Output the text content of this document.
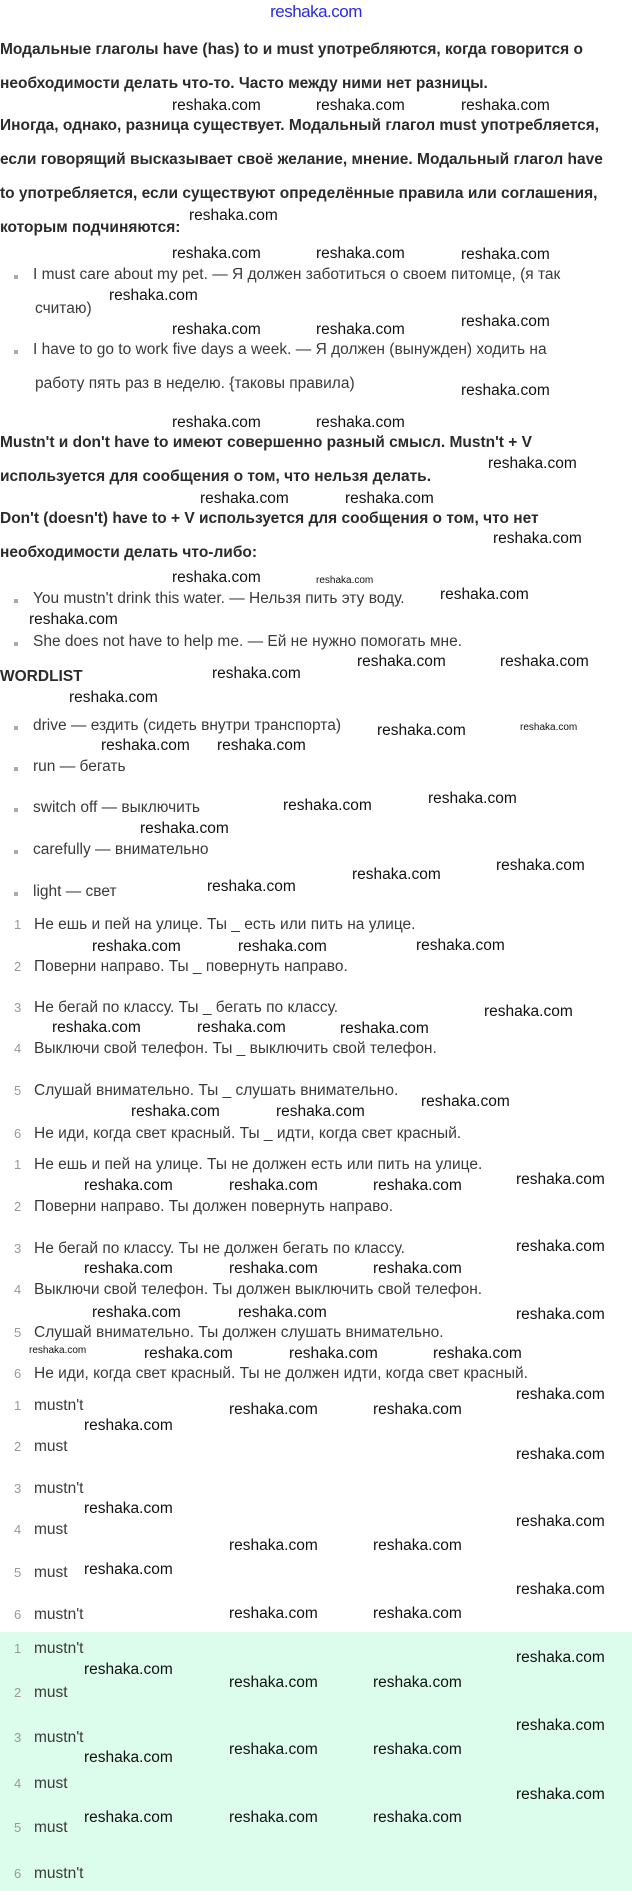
reshaka.com
Модальные глаголы have (has) to и must употребляются, когда говорится о
необходимости делать что-то. Часто между ними нет разницы.
Иногда, однако, разница существует. Модальный глагол must употребляется,
если говорящий высказывает своё желание, мнение. Модальный глагол have
to употребляется, если существуют определённые правила или соглашения,
которым подчиняются:
Mustn't и don't have to имеют совершенно разный смысл. Mustn't + V
используется для сообщения о том, что нельзя делать.
Don't (doesn't) have to + V используется для сообщения о том, что нет
необходимости делать что-либо:
I must care about my pet. — Я должен заботиться о своем питомце, (я так
считаю)
I have to go to work five days a week. — Я должен (вынужден) ходить на
работу пять раз в неделю. {таковы правила)
You mustn't drink this water. — Нельзя пить эту воду.
She does not have to help me. — Ей не нужно помогать мне.
WORDLIST
drive — ездить (сидеть внутри транспорта)
run — бегать
switch off — выключить
carefully — внимательно
light — свет
1 Не ешь и пей на улице. Ты _ есть или пить на улице.
2 Поверни направо. Ты _ повернуть направо.
3 Не бегай по классу. Ты _ бегать по классу.
4 Выключи свой телефон. Ты _ выключить свой телефон.
5 Слушай внимательно. Ты _ слушать внимательно.
6 Не иди, когда свет красный. Ты _ идти, когда свет красный.
1 Не ешь и пей на улице. Ты не должен есть или пить на улице.
2 Поверни направо. Ты должен повернуть направо.
3 Не бегай по классу. Ты не должен бегать по классу.
4 Выключи свой телефон. Ты должен выключить свой телефон.
5 Слушай внимательно. Ты должен слушать внимательно.
6 Не иди, когда свет красный. Ты не должен идти, когда свет красный.
1 mustn't
2 must
3 mustn't
4 must
5 must
6 mustn't
1 mustn't
2 must
3 mustn't
4 must
5 must
6 mustn't
reshaka.com	reshaka.com	reshaka.com
reshaka.com
reshaka.com	reshaka.com	reshaka.com
reshaka.com
reshaka.com
reshaka.com	reshaka.com
reshaka.com
reshaka.com	reshaka.com
reshaka.com
reshaka.com	reshaka.com
reshaka.com
reshaka.com	reshaka.com
reshaka.com
reshaka.com
reshaka.com
reshaka.com	reshaka.com
reshaka.com
reshaka.com	reshaka.com
reshaka.com
reshaka.com
reshaka.com	reshaka.com
reshaka.com
reshaka.com
reshaka.com
reshaka.com
reshaka.com
reshaka.com	reshaka.com
reshaka.com
reshaka.com
reshaka.com
reshaka.com
reshaka.com	reshaka.com
reshaka.com
reshaka.com	reshaka.com	reshaka.com	reshaka.com
reshaka.com
reshaka.com	reshaka.com	reshaka.com
reshaka.com
reshaka.com	reshaka.com
reshaka.com	reshaka.com	reshaka.com	reshaka.com
reshaka.com
reshaka.com
reshaka.com	reshaka.com
reshaka.com
reshaka.com
reshaka.com
reshaka.com	reshaka.com
reshaka.com
reshaka.com
reshaka.com	reshaka.com
reshaka.com
reshaka.com
reshaka.com	reshaka.com
reshaka.com
reshaka.com	reshaka.com	reshaka.com
reshaka.com
reshaka.com	reshaka.com	reshaka.com
